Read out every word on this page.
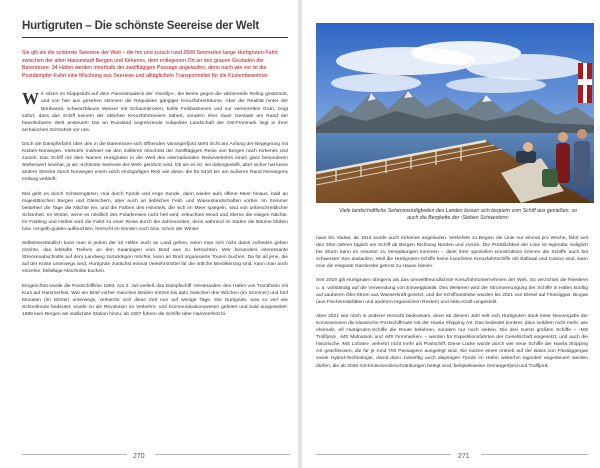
Hurtigruten – Die schönste Seereise der Welt

Sie gilt als die schönste Seereise der Welt – die hin und zurück rund 2500 Seemeilen lange Hurtigruten-Fahrt zwischen der alten Hansestadt Bergen und Kirkenes, dem entlegenen Ort an den grauen Gestaden der Barentssee. 34 Häfen werden innerhalb der zwölftägigen Passage angelaufen, denn nach wie vor ist die Postdampfer-Fahrt eine Mischung aus Seereise und alltäglichem Transportmittel für die Küstenbewohner.

Wir sitzen im Klappstuhl auf dem Panoramadeck der ›Nordlys‹, die Beine gegen die vibrierende Reling gestemmt, und von hier aus gesehen stimmen die Requisiten gängiger Kreuzfahrerträume. Aber die Realität hinter der Bordwand, schwarzblaues Wasser mit Schaumkronen, kahle Felsbastionen und nur vereinzeltes Grün, zeigt sofort, dass das Schiff keinem der üblichen Kreuzfahrtreviere nähert, sondern eher rauer Gestade am Rand der bewohnbaren Welt ansteuert: Die an Russland angrenzende subpolare Landschaft der Ost-Finnmark liegt in ihrer archaischen Schönheit vor uns.

Doch die Dampferfahrt über den in die Barentssee sich öffnenden Varangerfjord steht nicht am Anfang der Begegnung mit Küsten-Norwegen. Vielmehr markiert sie den mittleren Abschnitt der zwölftägigen Reise von Bergen nach Kirkenes und zurück. Das Schiff mit dem Namen Hurtigruten in der Welt des internationalen Reiseverkehrs einen ganz besonderen Stellenwert innehat, ja als ›schönste Seereise der Welt‹ gerühmt wird. Ob sie es ist, sei dahingestellt, aber sicher hat keine andere Strecke durch Norwegen einen solch einzigartigen Reiz wie diese, die für 5410 km am äußeren Rand Norwegens entlang verläuft:

Mal geht es durch Schärengärten, mal durch Fjorde und enge Sunde, dann wieder aufs offene Meer hinaus, bald an majestätischen Bergen und Gletschern, aber auch an lieblichen Feld- und Wiesenlandschaften vorbei. Im Sommer bestehen die Tage die Nächte ein, und die Farben des Himmels, die sich im Meer spiegeln, sind von unbeschreiblicher Schönheit. Im Winter, wenn es nördlich des Polarkreises nicht hell wird, erleuchten Mond und Sterne die eisigen Nächte. Im Frühling und Herbst wird die Fahrt zu einer Reise durch die Jahreszeiten, denn während im Süden die Bäume blühen bzw. rot-gelb-golden aufleuchten, herrscht im Norden noch bzw. schon der Winter.

Selbstverständlich kann man in jedem der 34 Häfen auch an Land gehen, wenn man sich nicht damit zufrieden geben möchte, das lebhafte Treiben an den Kaianlagen vom Bord aus zu betrachten. Wer besonders interessante Streckenabschnitte auf dem Landweg zurücklegen möchte, kann an Bord organisierte Touren buchen. Da für all jene, die auf der Küste unterwegs sind, Hurtigrute zunächst einmal Verkehrsmittel für die örtliche Bevölkerung sind, kann man auch einzelne, beliebige Abschnitte buchen.

Eingerichtet wurde die Postschifflinie 1893. Am 2. Juli verließ das Dampfschiff ›Vesteraalen‹ den Hafen von Trondheim mit Kurs auf Hammerfest. War ein Brief vorher manches Beiden trotzen bis dato zwischen drei Wochen (im Sommer) und fünf Monaten (im Winter) unterwegs, verkürzte sich diese Zeit nun auf wenige Tage. Die Hurtigrute, was so viel wie Schnellroute bedeutet, wurde zu als Revolution im Verkehrs- und Kommunikationswesen gefeiert und bald ausgeweitet: 1898 kam Bergen als südlichste Station hinzu, ab 1907 fuhren die Schiffe über Hammerfest hi-

270

Viele landschaftliche Sehenswürdigkeiten des Landes lassen sich bequem vom Schiff aus genießen, so auch die Bergkette der ›Sieben Schwestern‹

naus bis Vadsø, ab 1914 wurde auch Kirkenes angelaufen. Verkehrte zu Beginn die Linie nur einmal pro Woche, fährt seit den 30er-Jahren täglich ein Schiff ab Bergen Richtung Norden und zurück. Die Pünktlichkeit der Linie ist legendär, lediglich bei Sturm kann es mitunter zu Verspätungen kommen – dank ihrer speziellen Konstruktion können die Schiffe auch bei schwerster See auslaufen. Weil die Hurtigruten-Schiffe keine luxuriösen Kreuzfahrtschiffe mit Ballsaal und Casino sind, kann man die elegante Garderobe getrost zu Hause lassen.

Seit 2019 gilt Hurtigruten übrigens als das umweltfreundlichste Kreuzfahrtunternehmen der Welt. So verzichtet die Reederei u. a. vollständig auf die Verwendung von Einwegplastik. Des Weiteren wird der Stromversorgung der Schiffe in Häfen künftig auf sauberen Öko-Strom aus Wasserkraft gesetzt, und die Schiffsantriebe wurden bis 2021 von Diesel auf Flüssiggas, Biogas (aus Fischereiabfällen und anderen organischen Resten) und Akku-Kraft umgestellt.

Aber 2021 war noch in anderer Hinsicht bedeutsam, denn ab diesem Jahr teilt sich Hurtigruten dank einer Neuvergabe der Konzessionen die klassische Postschiffroute mit der Havila Shipping AS. Das bedeutet konkret, dass seitdem nicht mehr, wie ehemals, elf Hurtigruten-Schiffe die Route befahren, sondern nur noch sieben. Die drei zuerst größten Schiffe – ›MS Trollfjord‹, ›MS Midnatsol‹ und ›MS Finnmarken‹ – werden für Expeditionsfahrten der Gesellschaft eingesetzt, und auch die historische ›MS Lofoten‹ verkehrt nicht mehr als Postschiff. Diese Lücke wurde durch vier neue Schiffe der Havila Shipping AS geschlossen, die für je rund 700 Passagiere ausgelegt sind. Sie nutzen einen Antrieb auf der Basis von Flüssiggergas sowie Hybrid-Technologie, damit dann zukünftig auch diejenigen Fjorde im Hafen weiterhin tagsüber angesteuert werden dürfen, die ab 2026 mit Emissionsbeschränkungen belegt sind, beispielsweise Geirangerfjord und Trollfjord.

271
